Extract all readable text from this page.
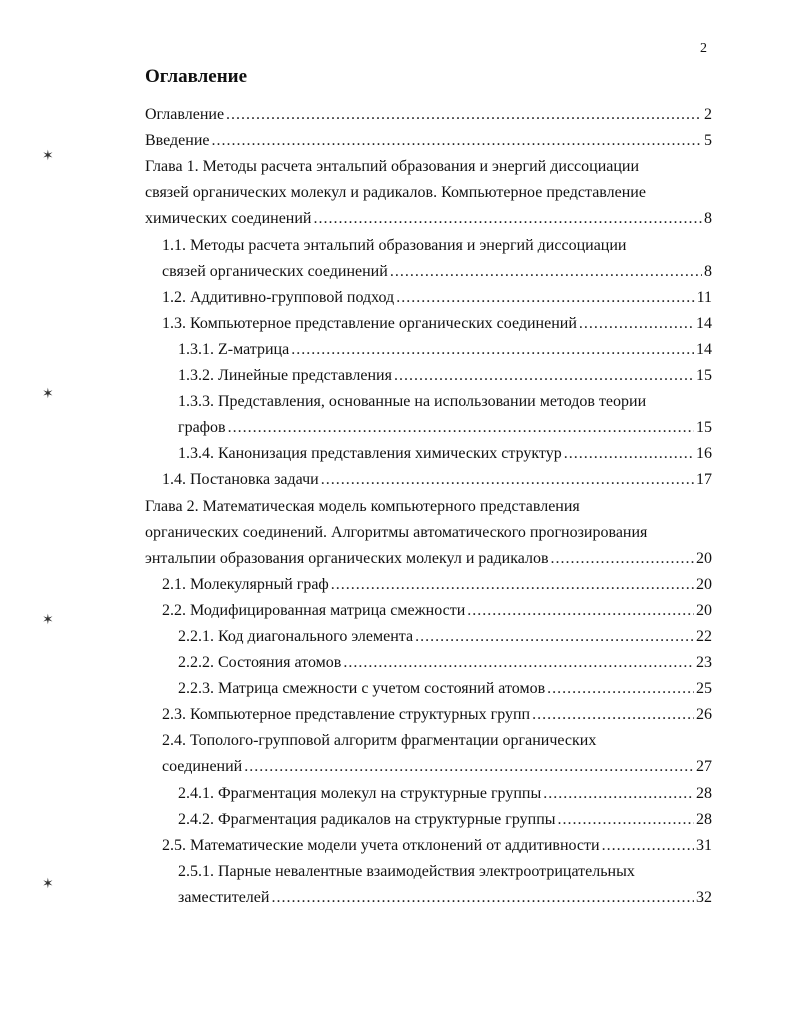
2
Оглавление
Оглавление .....	2
Введение .....	5
Глава 1. Методы расчета энтальпий образования и энергий диссоциации
связей органических молекул и радикалов. Компьютерное представление
химических соединений .....	8
1.1. Методы расчета энтальпий образования и энергий диссоциации
связей органических соединений .....	8
1.2. Аддитивно-групповой подход .....	11
1.3. Компьютерное представление органических соединений .....	14
1.3.1. Z-матрица .....	14
1.3.2. Линейные представления .....	15
1.3.3. Представления, основанные на использовании методов теории
графов .....	15
1.3.4. Канонизация представления химических структур .....	16
1.4. Постановка задачи .....	17
Глава 2. Математическая модель компьютерного представления
органических соединений. Алгоритмы автоматического прогнозирования
энтальпии образования органических молекул и радикалов .....	20
2.1. Молекулярный граф .....	20
2.2. Модифицированная матрица смежности .....	20
2.2.1. Код диагонального элемента .....	22
2.2.2. Состояния атомов .....	23
2.2.3. Матрица смежности с учетом состояний атомов .....	25
2.3. Компьютерное представление структурных групп .....	26
2.4. Тополого-групповой алгоритм фрагментации органических
соединений .....	27
2.4.1. Фрагментация молекул на структурные группы .....	28
2.4.2. Фрагментация радикалов на структурные группы .....	28
2.5. Математические модели учета отклонений от аддитивности .....	31
2.5.1. Парные невалентные взаимодействия электроотрицательных
заместителей .....	32
✶
✶
✶
✶
